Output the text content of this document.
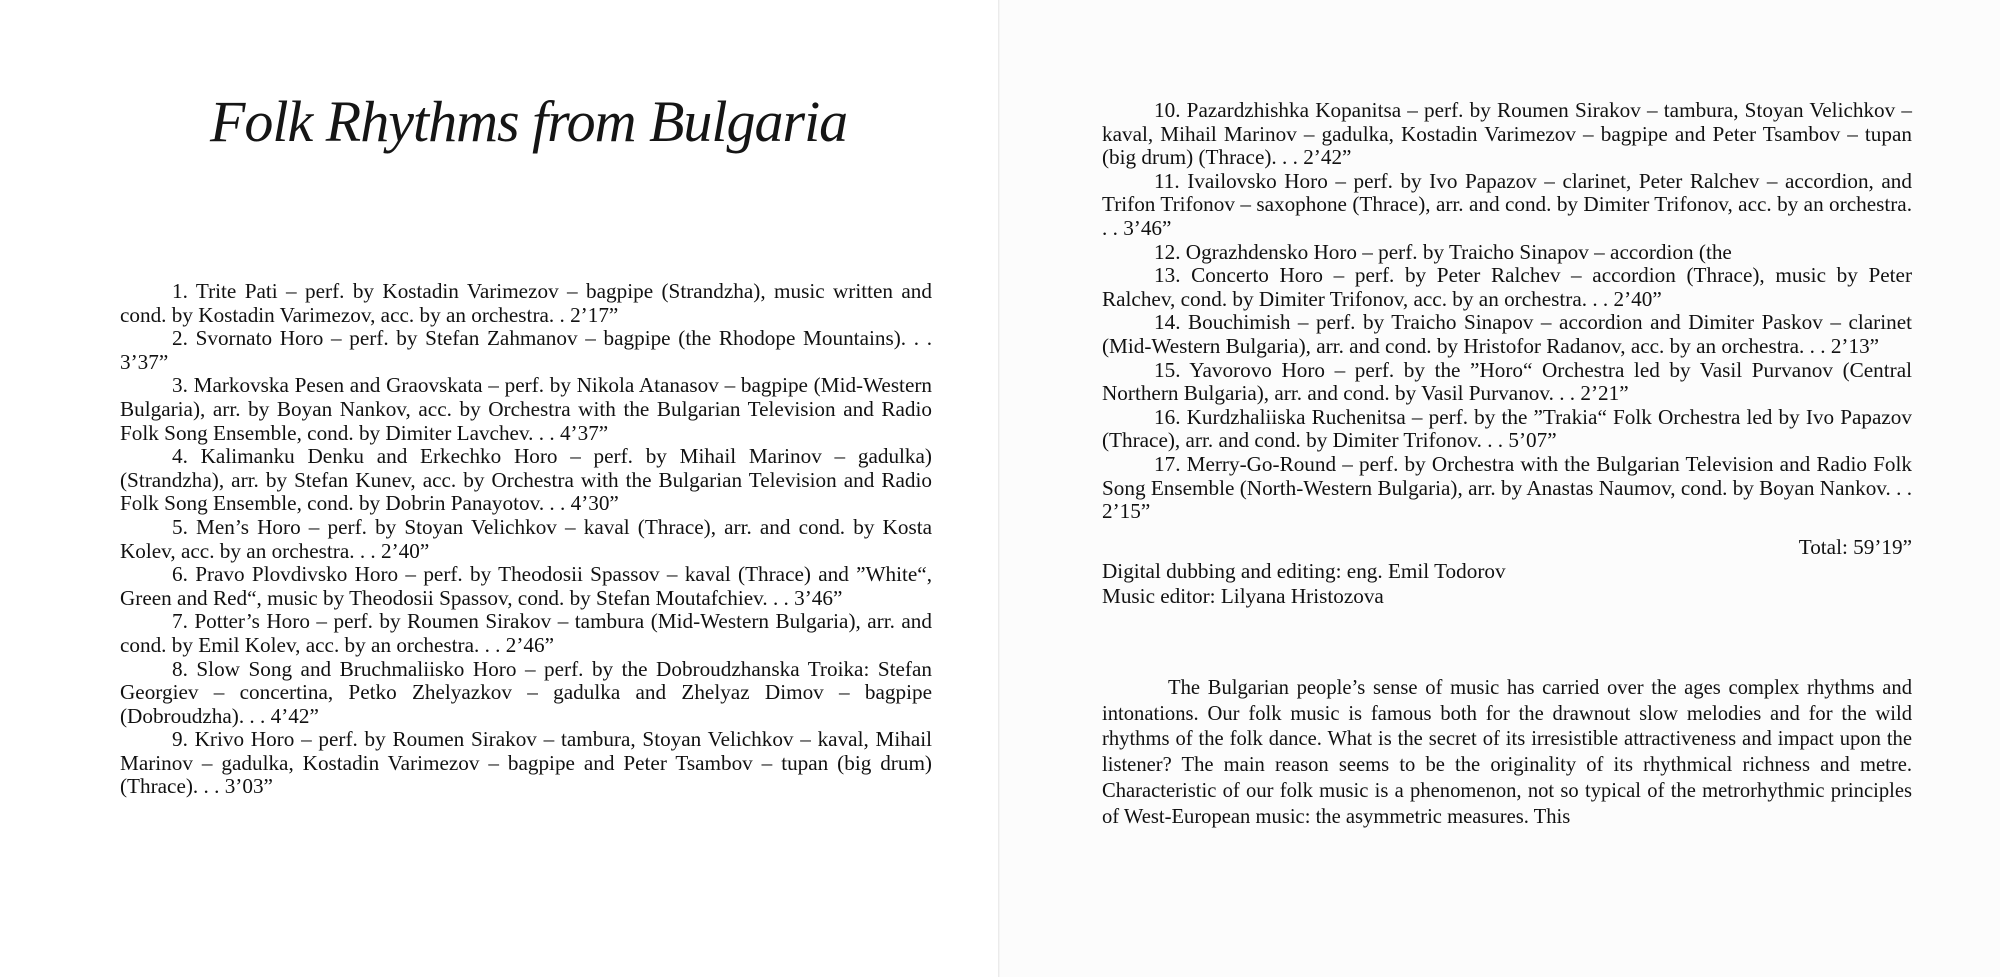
Folk Rhythms from Bulgaria
1. Trite Pati – perf. by Kostadin Varimezov – bagpipe (Strandzha), music written and cond. by Kostadin Varimezov, acc. by an orchestra. . 2’17”
2. Svornato Horo – perf. by Stefan Zahmanov – bagpipe (the Rhodope Mountains). . . 3’37”
3. Markovska Pesen and Graovskata – perf. by Nikola Atanasov – bagpipe (Mid-Western Bulgaria), arr. by Boyan Nankov, acc. by Orchestra with the Bulgarian Television and Radio Folk Song Ensemble, cond. by Dimiter Lavchev. . . 4’37”
4. Kalimanku Denku and Erkechko Horo – perf. by Mihail Marinov – gadulka) (Strandzha), arr. by Stefan Kunev, acc. by Orchestra with the Bulgarian Television and Radio Folk Song Ensemble, cond. by Dobrin Panayotov. . . 4’30”
5. Men’s Horo – perf. by Stoyan Velichkov – kaval (Thrace), arr. and cond. by Kosta Kolev, acc. by an orchestra. . . 2’40”
6. Pravo Plovdivsko Horo – perf. by Theodosii Spassov – kaval (Thrace) and ”White“, Green and Red“, music by Theodosii Spassov, cond. by Stefan Moutafchiev. . . 3’46”
7. Potter’s Horo – perf. by Roumen Sirakov – tambura (Mid-Western Bulgaria), arr. and cond. by Emil Kolev, acc. by an orchestra. . . 2’46”
8. Slow Song and Bruchmaliisko Horo – perf. by the Dobroudzhanska Troika: Stefan Georgiev – concertina, Petko Zhelyazkov – gadulka and Zhelyaz Dimov – bagpipe (Dobroudzha). . . 4’42”
9. Krivo Horo – perf. by Roumen Sirakov – tambura, Stoyan Velichkov – kaval, Mihail Marinov – gadulka, Kostadin Varimezov – bagpipe and Peter Tsambov – tupan (big drum) (Thrace). . . 3’03”
10. Pazardzhishka Kopanitsa – perf. by Roumen Sirakov – tambura, Stoyan Velichkov – kaval, Mihail Marinov – gadulka, Kostadin Varimezov – bagpipe and Peter Tsambov – tupan (big drum) (Thrace). . . 2’42”
11. Ivailovsko Horo – perf. by Ivo Papazov – clarinet, Peter Ralchev – accordion, and Trifon Trifonov – saxophone (Thrace), arr. and cond. by Dimiter Trifonov, acc. by an orchestra. . . 3’46”
12. Ograzhdensko Horo – perf. by Traicho Sinapov – accordion (the
13. Concerto Horo – perf. by Peter Ralchev – accordion (Thrace), music by Peter Ralchev, cond. by Dimiter Trifonov, acc. by an orchestra. . . 2’40”
14. Bouchimish – perf. by Traicho Sinapov – accordion and Dimiter Paskov – clarinet (Mid-Western Bulgaria), arr. and cond. by Hristofor Radanov, acc. by an orchestra. . . 2’13”
15. Yavorovo Horo – perf. by the ”Horo“ Orchestra led by Vasil Purvanov (Central Northern Bulgaria), arr. and cond. by Vasil Purvanov. . . 2’21”
16. Kurdzhaliiska Ruchenitsa – perf. by the ”Trakia“ Folk Orchestra led by Ivo Papazov (Thrace), arr. and cond. by Dimiter Trifonov. . . 5’07”
17. Merry-Go-Round – perf. by Orchestra with the Bulgarian Television and Radio Folk Song Ensemble (North-Western Bulgaria), arr. by Anastas Naumov, cond. by Boyan Nankov. . . 2’15”
Total: 59’19”
Digital dubbing and editing: eng. Emil Todorov
Music editor: Lilyana Hristozova
The Bulgarian people’s sense of music has carried over the ages complex rhythms and intonations. Our folk music is famous both for the drawnout slow melodies and for the wild rhythms of the folk dance. What is the secret of its irresistible attractiveness and impact upon the listener? The main reason seems to be the originality of its rhythmical richness and metre. Characteristic of our folk music is a phenomenon, not so typical of the metrorhythmic principles of West-European music: the asymmetric measures. This
